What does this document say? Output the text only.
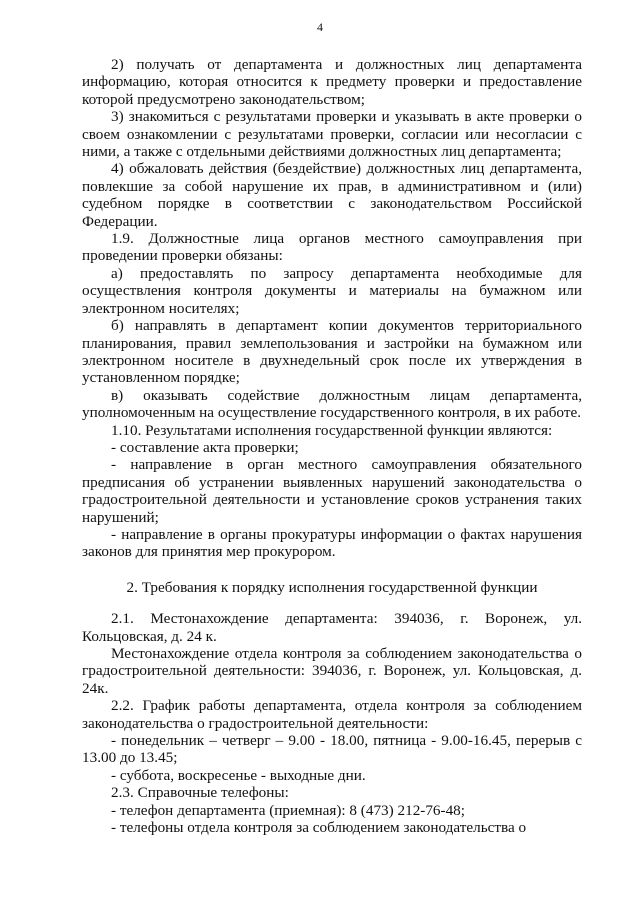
4

2) получать от департамента и должностных лиц департамента информацию, которая относится к предмету проверки и предоставление которой предусмотрено законодательством;

3) знакомиться с результатами проверки и указывать в акте проверки о своем ознакомлении с результатами проверки, согласии или несогласии с ними, а также с отдельными действиями должностных лиц департамента;

4) обжаловать действия (бездействие) должностных лиц департамента, повлекшие за собой нарушение их прав, в административном и (или) судебном порядке в соответствии с законодательством Российской Федерации.

1.9. Должностные лица органов местного самоуправления при проведении проверки обязаны:

а) предоставлять по запросу департамента необходимые для осуществления контроля документы и материалы на бумажном или электронном носителях;

б) направлять в департамент копии документов территориального планирования, правил землепользования и застройки на бумажном или электронном носителе в двухнедельный срок после их утверждения в установленном порядке;

в) оказывать содействие должностным лицам департамента, уполномоченным на осуществление государственного контроля, в их работе.

1.10. Результатами исполнения государственной функции являются:

- составление акта проверки;

- направление в орган местного самоуправления обязательного предписания об устранении выявленных нарушений законодательства о градостроительной деятельности и установление сроков устранения таких нарушений;

- направление в органы прокуратуры информации о фактах нарушения законов для принятия мер прокурором.

2. Требования к порядку исполнения государственной функции

2.1. Местонахождение департамента: 394036, г. Воронеж, ул. Кольцовская, д. 24 к.

Местонахождение отдела контроля за соблюдением законодательства о градостроительной деятельности: 394036, г. Воронеж, ул. Кольцовская, д. 24к.

2.2. График работы департамента, отдела контроля за соблюдением законодательства о градостроительной деятельности:

- понедельник – четверг – 9.00 - 18.00, пятница - 9.00-16.45, перерыв с 13.00 до 13.45;

- суббота, воскресенье - выходные дни.

2.3. Справочные телефоны:

- телефон департамента (приемная): 8 (473) 212-76-48;

- телефоны отдела контроля за соблюдением законодательства о
